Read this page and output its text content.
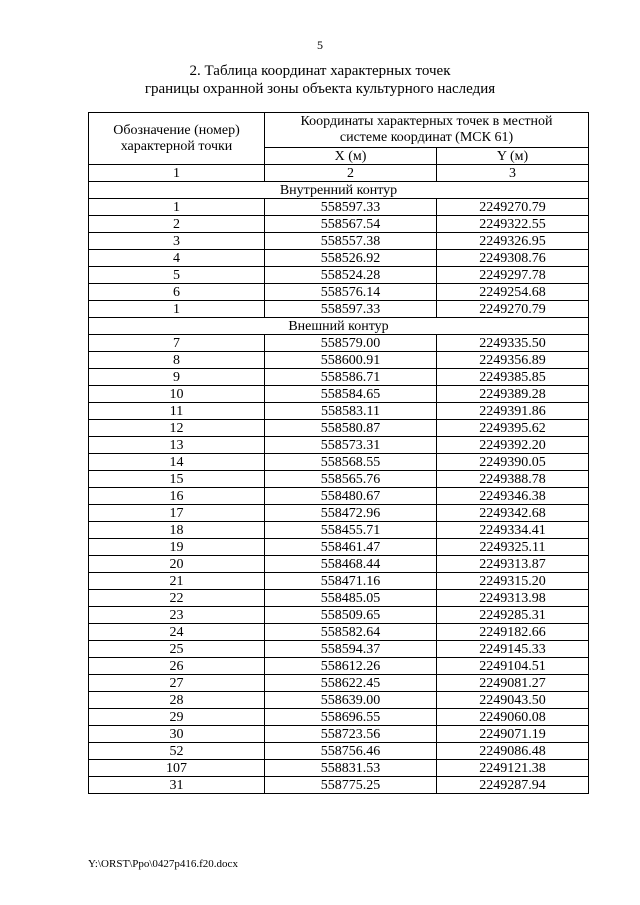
5
2. Таблица координат характерных точек
границы охранной зоны объекта культурного наследия
Обозначение (номер) характерной точки	Координаты характерных точек в местной системе координат (МСК 61)	
	X (м)	Y (м)
1	2	3
Внутренний контур		
1	558597.33	2249270.79
2	558567.54	2249322.55
3	558557.38	2249326.95
4	558526.92	2249308.76
5	558524.28	2249297.78
6	558576.14	2249254.68
1	558597.33	2249270.79
Внешний контур		
7	558579.00	2249335.50
8	558600.91	2249356.89
9	558586.71	2249385.85
10	558584.65	2249389.28
11	558583.11	2249391.86
12	558580.87	2249395.62
13	558573.31	2249392.20
14	558568.55	2249390.05
15	558565.76	2249388.78
16	558480.67	2249346.38
17	558472.96	2249342.68
18	558455.71	2249334.41
19	558461.47	2249325.11
20	558468.44	2249313.87
21	558471.16	2249315.20
22	558485.05	2249313.98
23	558509.65	2249285.31
24	558582.64	2249182.66
25	558594.37	2249145.33
26	558612.26	2249104.51
27	558622.45	2249081.27
28	558639.00	2249043.50
29	558696.55	2249060.08
30	558723.56	2249071.19
52	558756.46	2249086.48
107	558831.53	2249121.38
31	558775.25	2249287.94
Y:\ORST\Ppo\0427p416.f20.docx
